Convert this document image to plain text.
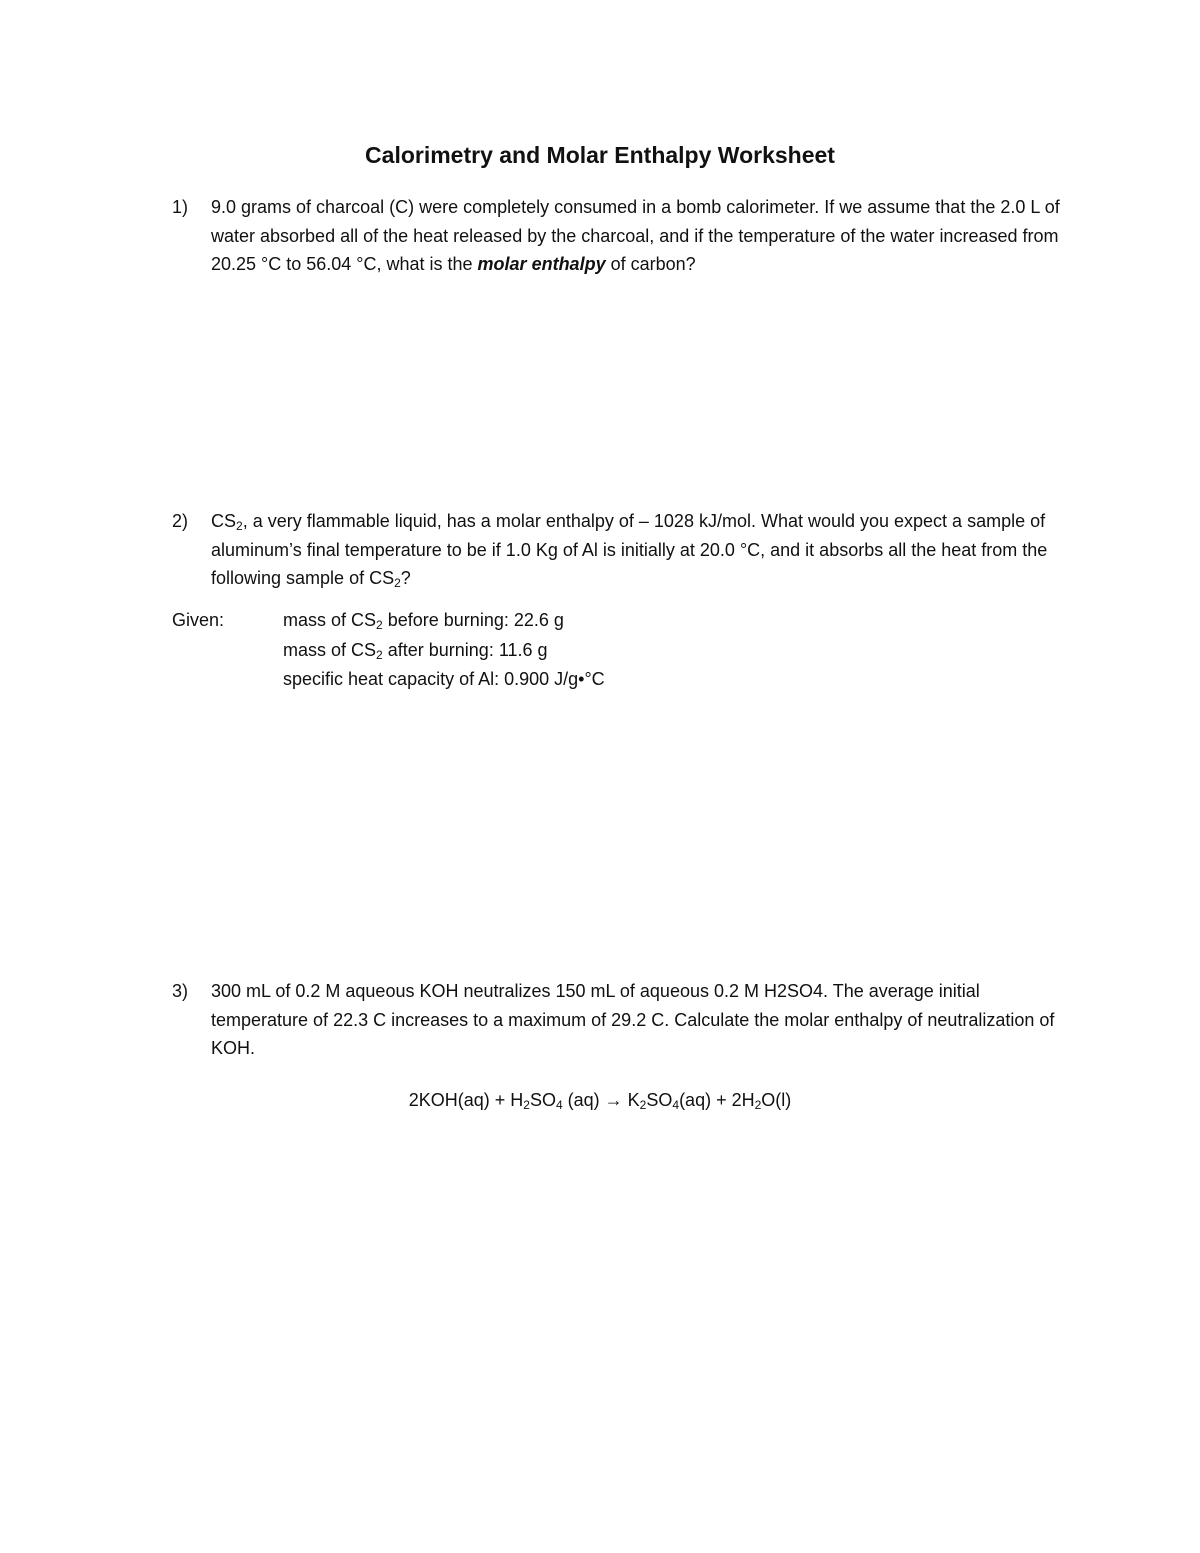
Calorimetry and Molar Enthalpy Worksheet
1) 9.0 grams of charcoal (C) were completely consumed in a bomb calorimeter. If we assume that the 2.0 L of water absorbed all of the heat released by the charcoal, and if the temperature of the water increased from 20.25 °C to 56.04 °C, what is the molar enthalpy of carbon?
2) $CS_2$, a very flammable liquid, has a molar enthalpy of – 1028 kJ/mol. What would you expect a sample of aluminum’s final temperature to be if 1.0 Kg of Al is initially at 20.0 °C, and it absorbs all the heat from the following sample of $CS_2$?
Given:	mass of $CS_2$ before burning: 22.6 g
mass of $CS_2$ after burning: 11.6 g
specific heat capacity of Al: 0.900 J/g•°C
3) 300 mL of 0.2 M aqueous KOH neutralizes 150 mL of aqueous 0.2 M H2SO4. The average initial temperature of 22.3 C increases to a maximum of 29.2 C. Calculate the molar enthalpy of neutralization of KOH.
$2KOH(aq) + H_2SO_4$ $(aq) \to K_2SO_4(aq) + 2H_2O(l)$
